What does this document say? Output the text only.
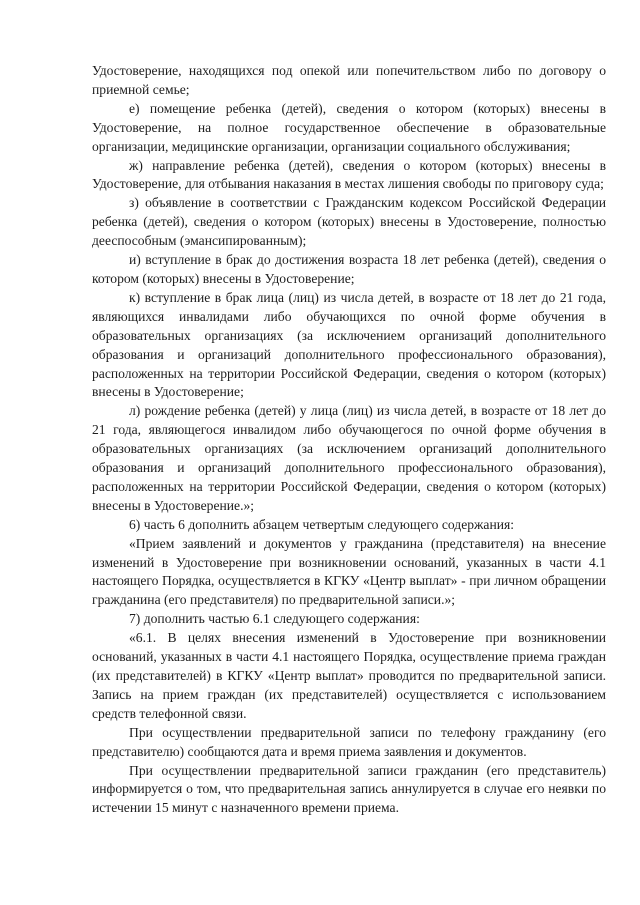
Удостоверение, находящихся под опекой или попечительством либо по договору о приемной семье;

е) помещение ребенка (детей), сведения о котором (которых) внесены в Удостоверение, на полное государственное обеспечение в образовательные организации, медицинские организации, организации социального обслуживания;

ж) направление ребенка (детей), сведения о котором (которых) внесены в Удостоверение, для отбывания наказания в местах лишения свободы по приговору суда;

з) объявление в соответствии с Гражданским кодексом Российской Федерации ребенка (детей), сведения о котором (которых) внесены в Удостоверение, полностью дееспособным (эмансипированным);

и) вступление в брак до достижения возраста 18 лет ребенка (детей), сведения о котором (которых) внесены в Удостоверение;

к) вступление в брак лица (лиц) из числа детей, в возрасте от 18 лет до 21 года, являющихся инвалидами либо обучающихся по очной форме обучения в образовательных организациях (за исключением организаций дополнительного образования и организаций дополнительного профессионального образования), расположенных на территории Российской Федерации, сведения о котором (которых) внесены в Удостоверение;

л) рождение ребенка (детей) у лица (лиц) из числа детей, в возрасте от 18 лет до 21 года, являющегося инвалидом либо обучающегося по очной форме обучения в образовательных организациях (за исключением организаций дополнительного образования и организаций дополнительного профессионального образования), расположенных на территории Российской Федерации, сведения о котором (которых) внесены в Удостоверение.»;

6) часть 6 дополнить абзацем четвертым следующего содержания:

«Прием заявлений и документов у гражданина (представителя) на внесение изменений в Удостоверение при возникновении оснований, указанных в части 4.1 настоящего Порядка, осуществляется в КГКУ «Центр выплат» - при личном обращении гражданина (его представителя) по предварительной записи.»;

7) дополнить частью 6.1 следующего содержания:

«6.1. В целях внесения изменений в Удостоверение при возникновении оснований, указанных в части 4.1 настоящего Порядка, осуществление приема граждан (их представителей) в КГКУ «Центр выплат» проводится по предварительной записи. Запись на прием граждан (их представителей) осуществляется с использованием средств телефонной связи.

При осуществлении предварительной записи по телефону гражданину (его представителю) сообщаются дата и время приема заявления и документов.

При осуществлении предварительной записи гражданин (его представитель) информируется о том, что предварительная запись аннулируется в случае его неявки по истечении 15 минут с назначенного времени приема.
